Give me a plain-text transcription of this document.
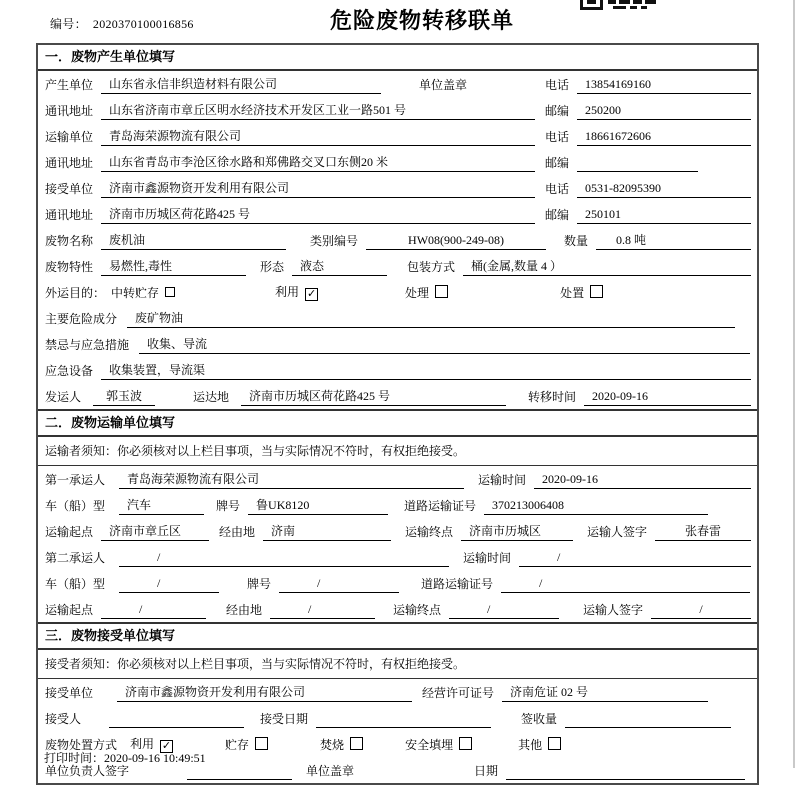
编号： 2020370100016856	危险废物转移联单
一．废物产生单位填写
产生单位	山东省永信非织造材料有限公司	单位盖章	电话	13854169160
通讯地址	山东省济南市章丘区明水经济技术开发区工业一路501 号	邮编	250200
运输单位	青岛海荣源物流有限公司	电话	18661672606
通讯地址	山东省青岛市李沧区徐水路和郑佛路交叉口东侧20 米	邮编
接受单位	济南市鑫源物资开发利用有限公司	电话	0531-82095390
通讯地址	济南市历城区荷花路425 号	邮编	250101
废物名称	废机油	类别编号	HW08(900-249-08)	数量	0.8 吨
废物特性	易燃性,毒性	形态	液态	包装方式	桶(金属,数量 4 ）
外运目的： 中转贮存	利用 ✓	处理	处置
主要危险成分	废矿物油
禁忌与应急措施	收集、导流
应急设备	收集装置，导流渠
发运人	郭玉波	运达地	济南市历城区荷花路425 号	转移时间	2020-09-16
二．废物运输单位填写
运输者须知：你必须核对以上栏目事项，当与实际情况不符时，有权拒绝接受。
第一承运人	青岛海荣源物流有限公司	运输时间	2020-09-16
车（船）型	汽车	牌号	鲁UK8120	道路运输证号	370213006408
运输起点	济南市章丘区	经由地	济南	运输终点	济南市历城区	运输人签字	张春雷
第二承运人	/	运输时间	/
车（船）型	/	牌号	/	道路运输证号	/
运输起点	/	经由地	/	运输终点	/	运输人签字	/
三．废物接受单位填写
接受者须知：你必须核对以上栏目事项，当与实际情况不符时，有权拒绝接受。
接受单位	济南市鑫源物资开发利用有限公司	经营许可证号	济南危证 02 号
接受人	接受日期	签收量
废物处置方式 利用 ✓	贮存	焚烧	安全填埋	其他
单位负责人签字	单位盖章	日期
打印时间：2020-09-16 10:49:51
